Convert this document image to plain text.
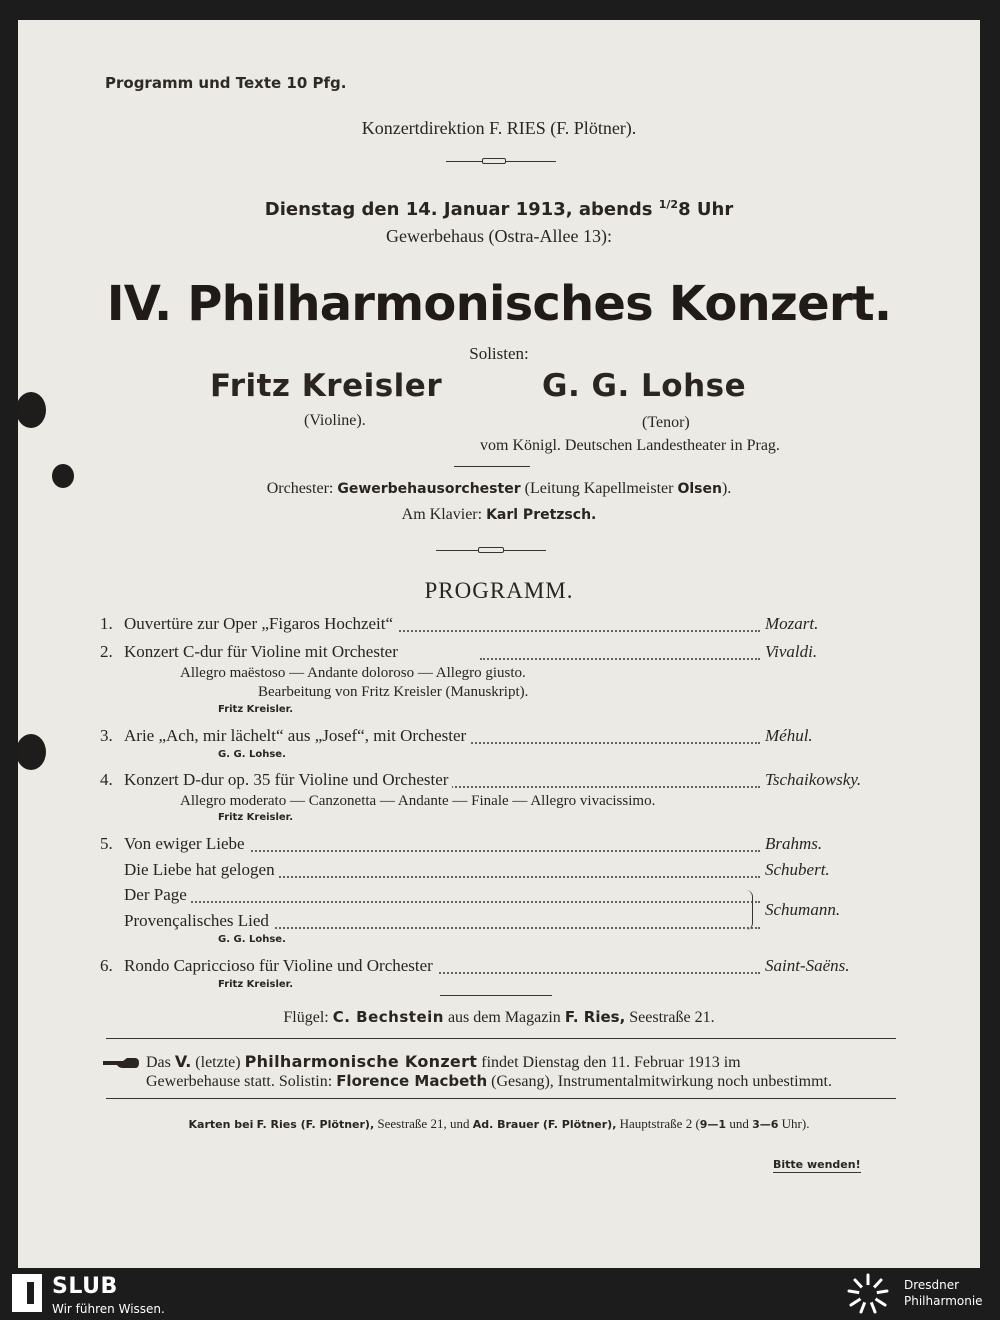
Programm und Texte 10 Pfg.
Konzertdirektion F. RIES (F. Plötner).
Dienstag den 14. Januar 1913, abends $^{1/2}$8 Uhr
Gewerbehaus (Ostra-Allee 13):
IV. Philharmonisches Konzert.
Solisten:
Fritz Kreisler
(Violine).
G. G. Lohse
(Tenor)
vom Königl. Deutschen Landestheater in Prag.
Orchester: Gewerbehausorchester (Leitung Kapellmeister Olsen).
Am Klavier: Karl Pretzsch.
PROGRAMM.
1. Ouvertüre zur Oper „Figaros Hochzeit“	Mozart.
2. Konzert C-dur für Violine mit Orchester	Vivaldi.
Allegro maëstoso — Andante doloroso — Allegro giusto.
Bearbeitung von Fritz Kreisler (Manuskript).
Fritz Kreisler.
3. Arie „Ach, mir lächelt“ aus „Josef“, mit Orchester	Méhul.
G. G. Lohse.
4. Konzert D-dur op. 35 für Violine und Orchester	Tschaikowsky.
Allegro moderato — Canzonetta — Andante — Finale — Allegro vivacissimo.
Fritz Kreisler.
5. Von ewiger Liebe	Brahms.
Die Liebe hat gelogen	Schubert.
Der Page
Provençalisches Lied
Schumann.
G. G. Lohse.
6. Rondo Capriccioso für Violine und Orchester	Saint-Saëns.
Fritz Kreisler.
Flügel: C. Bechstein aus dem Magazin F. Ries, Seestraße 21.
Das V. (letzte) Philharmonische Konzert findet Dienstag den 11. Februar 1913 im
Gewerbehause statt. Solistin: Florence Macbeth (Gesang), Instrumentalmitwirkung noch unbestimmt.
Karten bei F. Ries (F. Plötner), Seestraße 21, und Ad. Brauer (F. Plötner), Hauptstraße 2 (9—1 und 3—6 Uhr).
Bitte wenden!
SLUB
Wir führen Wissen.
Dresdner
Philharmonie
